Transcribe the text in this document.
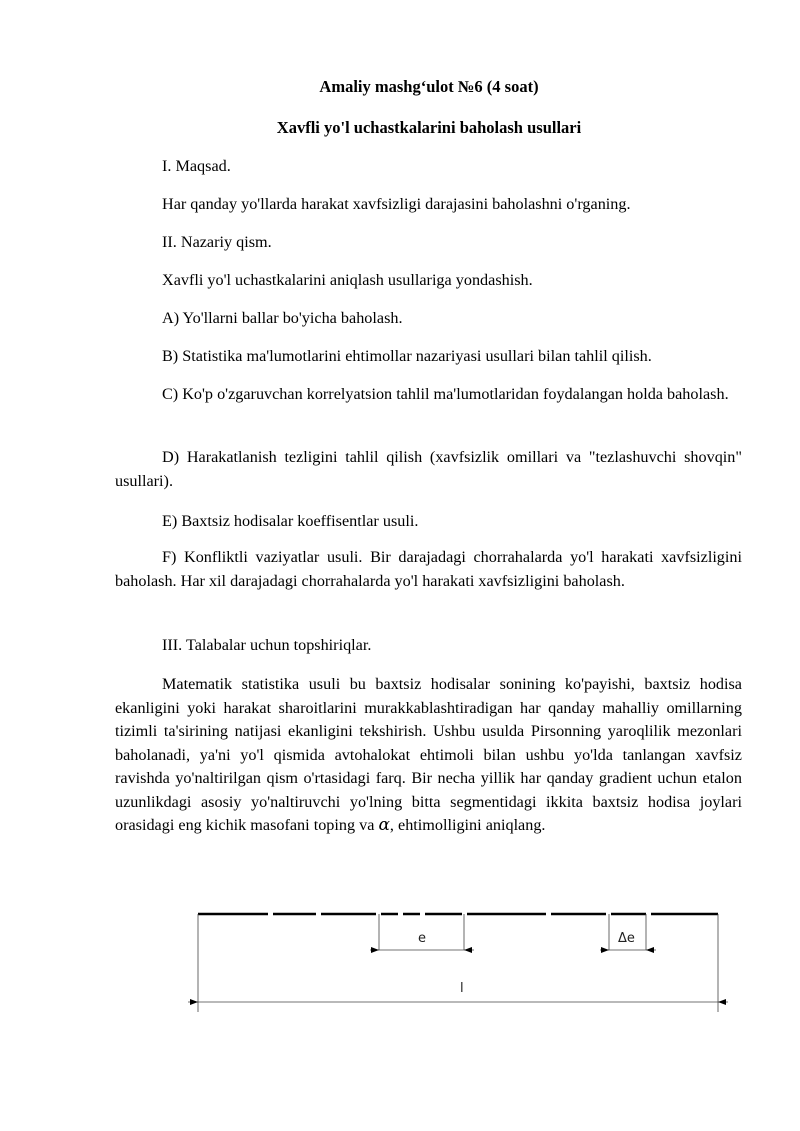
Amaliy mashg‘ulot №6 (4 soat)
Xavfli yo'l uchastkalarini baholash usullari
I. Maqsad.
Har qanday yo'llarda harakat xavfsizligi darajasini baholashni o'rganing.
II. Nazariy qism.
Xavfli yo'l uchastkalarini aniqlash usullariga yondashish.
A) Yo'llarni ballar bo'yicha baholash.
B) Statistika ma'lumotlarini ehtimollar nazariyasi usullari bilan tahlil qilish.
C) Ko'p o'zgaruvchan korrelyatsion tahlil ma'lumotlaridan foydalangan holda baholash.
D) Harakatlanish tezligini tahlil qilish (xavfsizlik omillari va "tezlashuvchi shovqin" usullari).
E) Baxtsiz hodisalar koeffisentlar usuli.
F) Konfliktli vaziyatlar usuli. Bir darajadagi chorrahalarda yo'l harakati xavfsizligini baholash. Har xil darajadagi chorrahalarda yo'l harakati xavfsizligini baholash.
III. Talabalar uchun topshiriqlar.
Matematik statistika usuli bu baxtsiz hodisalar sonining ko'payishi, baxtsiz hodisa ekanligini yoki harakat sharoitlarini murakkablashtiradigan har qanday mahalliy omillarning tizimli ta'sirining natijasi ekanligini tekshirish. Ushbu usulda Pirsonning yaroqlilik mezonlari baholanadi, ya'ni yo'l qismida avtohalokat ehtimoli bilan ushbu yo'lda tanlangan xavfsiz ravishda yo'naltirilgan qism o'rtasidagi farq. Bir necha yillik har qanday gradient uchun etalon uzunlikdagi asosiy yo'naltiruvchi yo'lning bitta segmentidagi ikkita baxtsiz hodisa joylari orasidagi eng kichik masofani toping va α, ehtimolligini aniqlang.
e	Δe
l
